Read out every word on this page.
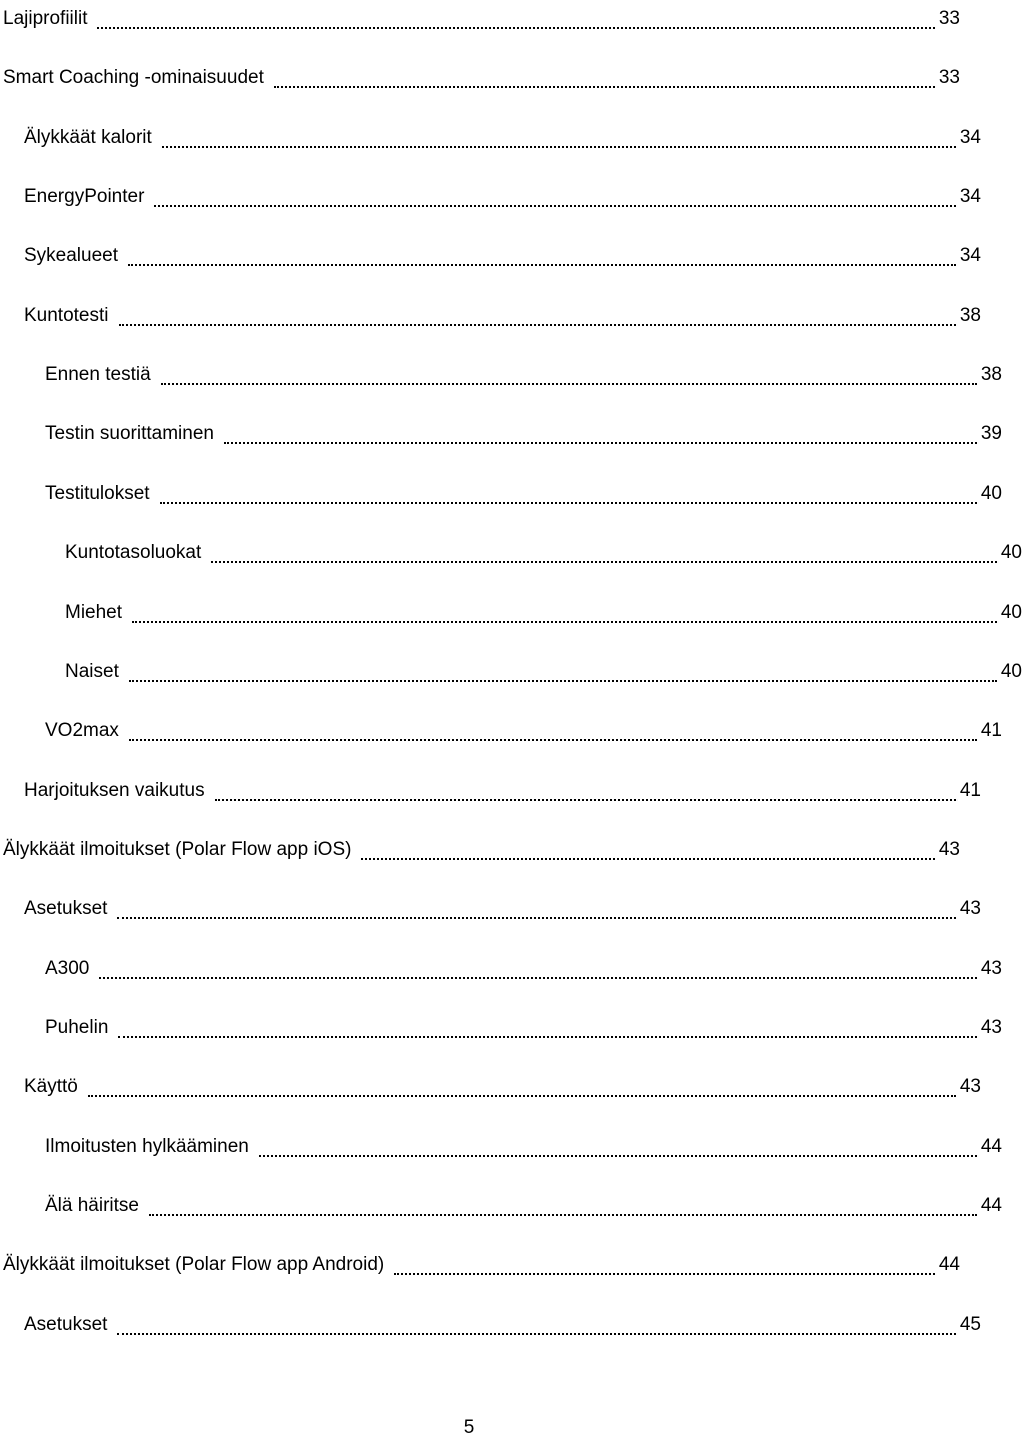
Lajiprofiilit	33
Smart Coaching -ominaisuudet	33
Älykkäät kalorit	34
EnergyPointer	34
Sykealueet	34
Kuntotesti	38
Ennen testiä	38
Testin suorittaminen	39
Testitulokset	40
Kuntotasoluokat	40
Miehet	40
Naiset	40
VO2max	41
Harjoituksen vaikutus	41
Älykkäät ilmoitukset (Polar Flow app iOS)	43
Asetukset	43
A300	43
Puhelin	43
Käyttö	43
Ilmoitusten hylkääminen	44
Älä häiritse	44
Älykkäät ilmoitukset (Polar Flow app Android)	44
Asetukset	45
5
